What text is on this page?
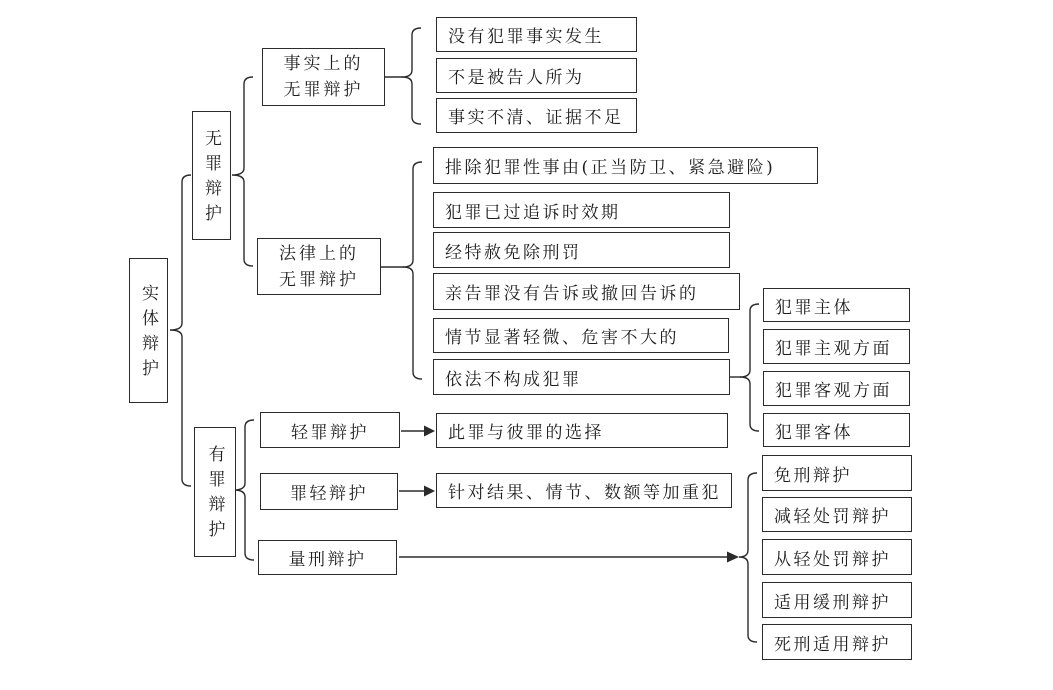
实体辩护
无罪辩护
有罪辩护
事实上的
无罪辩护
法律上的
无罪辩护
轻罪辩护
罪轻辩护
量刑辩护
没有犯罪事实发生
不是被告人所为
事实不清、证据不足
排除犯罪性事由(正当防卫、紧急避险)
犯罪已过追诉时效期
经特赦免除刑罚
亲告罪没有告诉或撤回告诉的
情节显著轻微、危害不大的
依法不构成犯罪
此罪与彼罪的选择
针对结果、情节、数额等加重犯
犯罪主体
犯罪主观方面
犯罪客观方面
犯罪客体
免刑辩护
减轻处罚辩护
从轻处罚辩护
适用缓刑辩护
死刑适用辩护
